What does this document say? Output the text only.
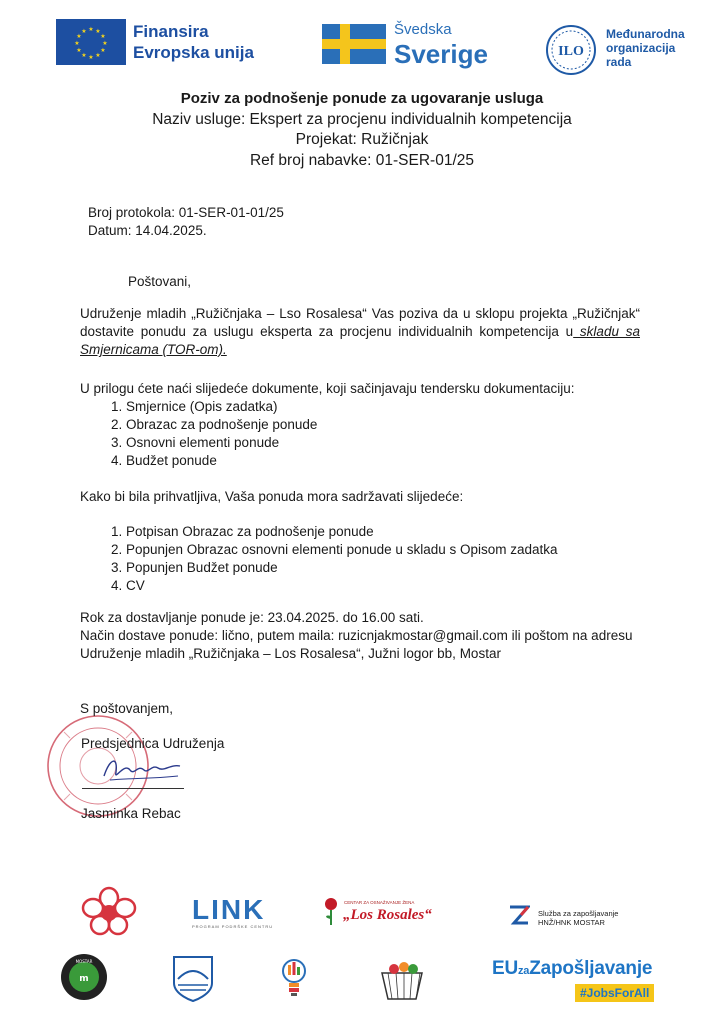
★ ★
★
★
★
★
★
★
★
★
★
★	Finansira
Evropska unija
Švedska
Sverige	ILO
Međunarodna
organizacija
rada
Poziv za podnošenje ponude za ugovaranje usluga
Naziv usluge: Ekspert za procjenu individualnih kompetencija
Projekat: Ružičnjak
Ref broj nabavke: 01-SER-01/25
Broj protokola: 01-SER-01-01/25
Datum: 14.04.2025.
Poštovani,
Udruženje mladih „Ružičnjaka – Lso Rosalesa“ Vas poziva da u sklopu projekta „Ružičnjak“ dostavite ponudu za uslugu eksperta za procjenu individualnih kompetencija u skladu sa Smjernicama (TOR-om).
U prilogu ćete naći slijedeće dokumente, koji sačinjavaju tendersku dokumentaciju:
1. Smjernice (Opis zadatka)
2. Obrazac za podnošenje ponude
3. Osnovni elementi ponude
4. Budžet ponude
Kako bi bila prihvatljiva, Vaša ponuda mora sadržavati slijedeće:
1. Potpisan Obrazac za podnošenje ponude
2. Popunjen Obrazac osnovni elementi ponude u skladu s Opisom zadatka
3. Popunjen Budžet ponude
4. CV
Rok za dostavljanje ponude je: 23.04.2025. do 16.00 sati.
Način dostave ponude: lično, putem maila: ruzicnjakmostar@gmail.com ili poštom na adresu
Udruženje mladih „Ružičnjaka – Los Rosalesa“, Južni logor bb, Mostar
S poštovanjem,
Predsjednica Udruženja
Jasminka Rebac
LINK
PROGRAM PODRŠKE CENTRU
CENTAR ZA OSNAŽIVANJE ŽENA
„Los Rosales“	Služba za zapošljavanje
HNŽ/HNK MOSTAR
m
MOSTAR	EUzaZapošljavanje
#JobsForAll
